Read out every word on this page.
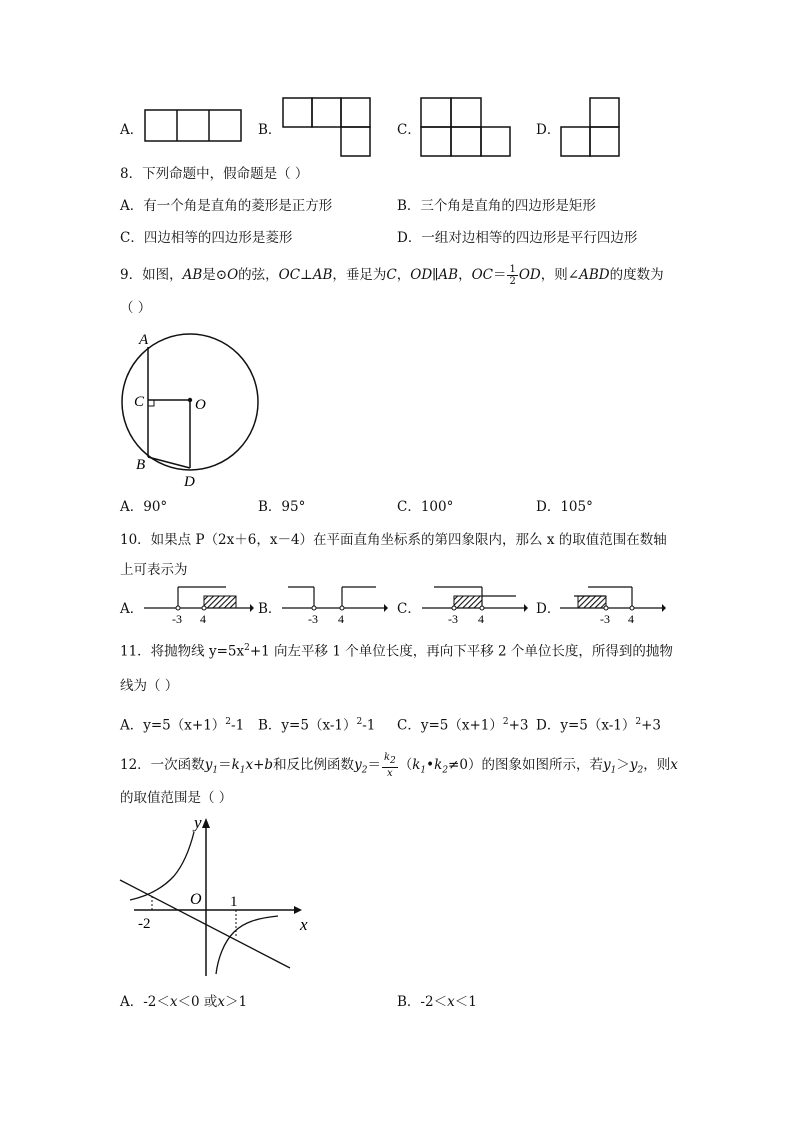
A．	B．	C．	D．
8．下列命题中，假命题是（ ）
A．有一个角是直角的菱形是正方形	B．三个角是直角的四边形是矩形
C．四边相等的四边形是菱形	D．一组对边相等的四边形是平行四边形
9．如图，AB是⊙O的弦，OC⊥AB，垂足为C，OD∥AB，$OC= \frac{1}{2}$ OD，则∠ABD的度数为
（ ）
A
C	O
B
D
A．90°	B．95°	C．100°	D．105°
10．如果点 P（2x＋6，x－4）在平面直角坐标系的第四象限内，那么 x 的取值范围在数轴
上可表示为
A．
-3 4
B．
-3 4
C．
-3 4
D．
-3 4
11．将抛物线 $y=5x^2+1$ 向左平移 1 个单位长度，再向下平移 2 个单位长度，所得到的抛物
线为（ ）
A．$y=5(x+1)^2-1$ B．$y=5(x-1)^2-1$ C．$y=5(x+1)^2+3$ D．$y=5(x-1)^2+3$
12．一次函数$y_1=k_1x+b$和反比例函数$y_2= \frac{k_2}{x}$ $(k_1•k_2\ne 0)$的图象如图所示，若$y_1>y_2$，则x
的取值范围是（ ）
x
y
O 1
-2
A．-2＜x＜0 或x＞1	B．-2＜x＜1
